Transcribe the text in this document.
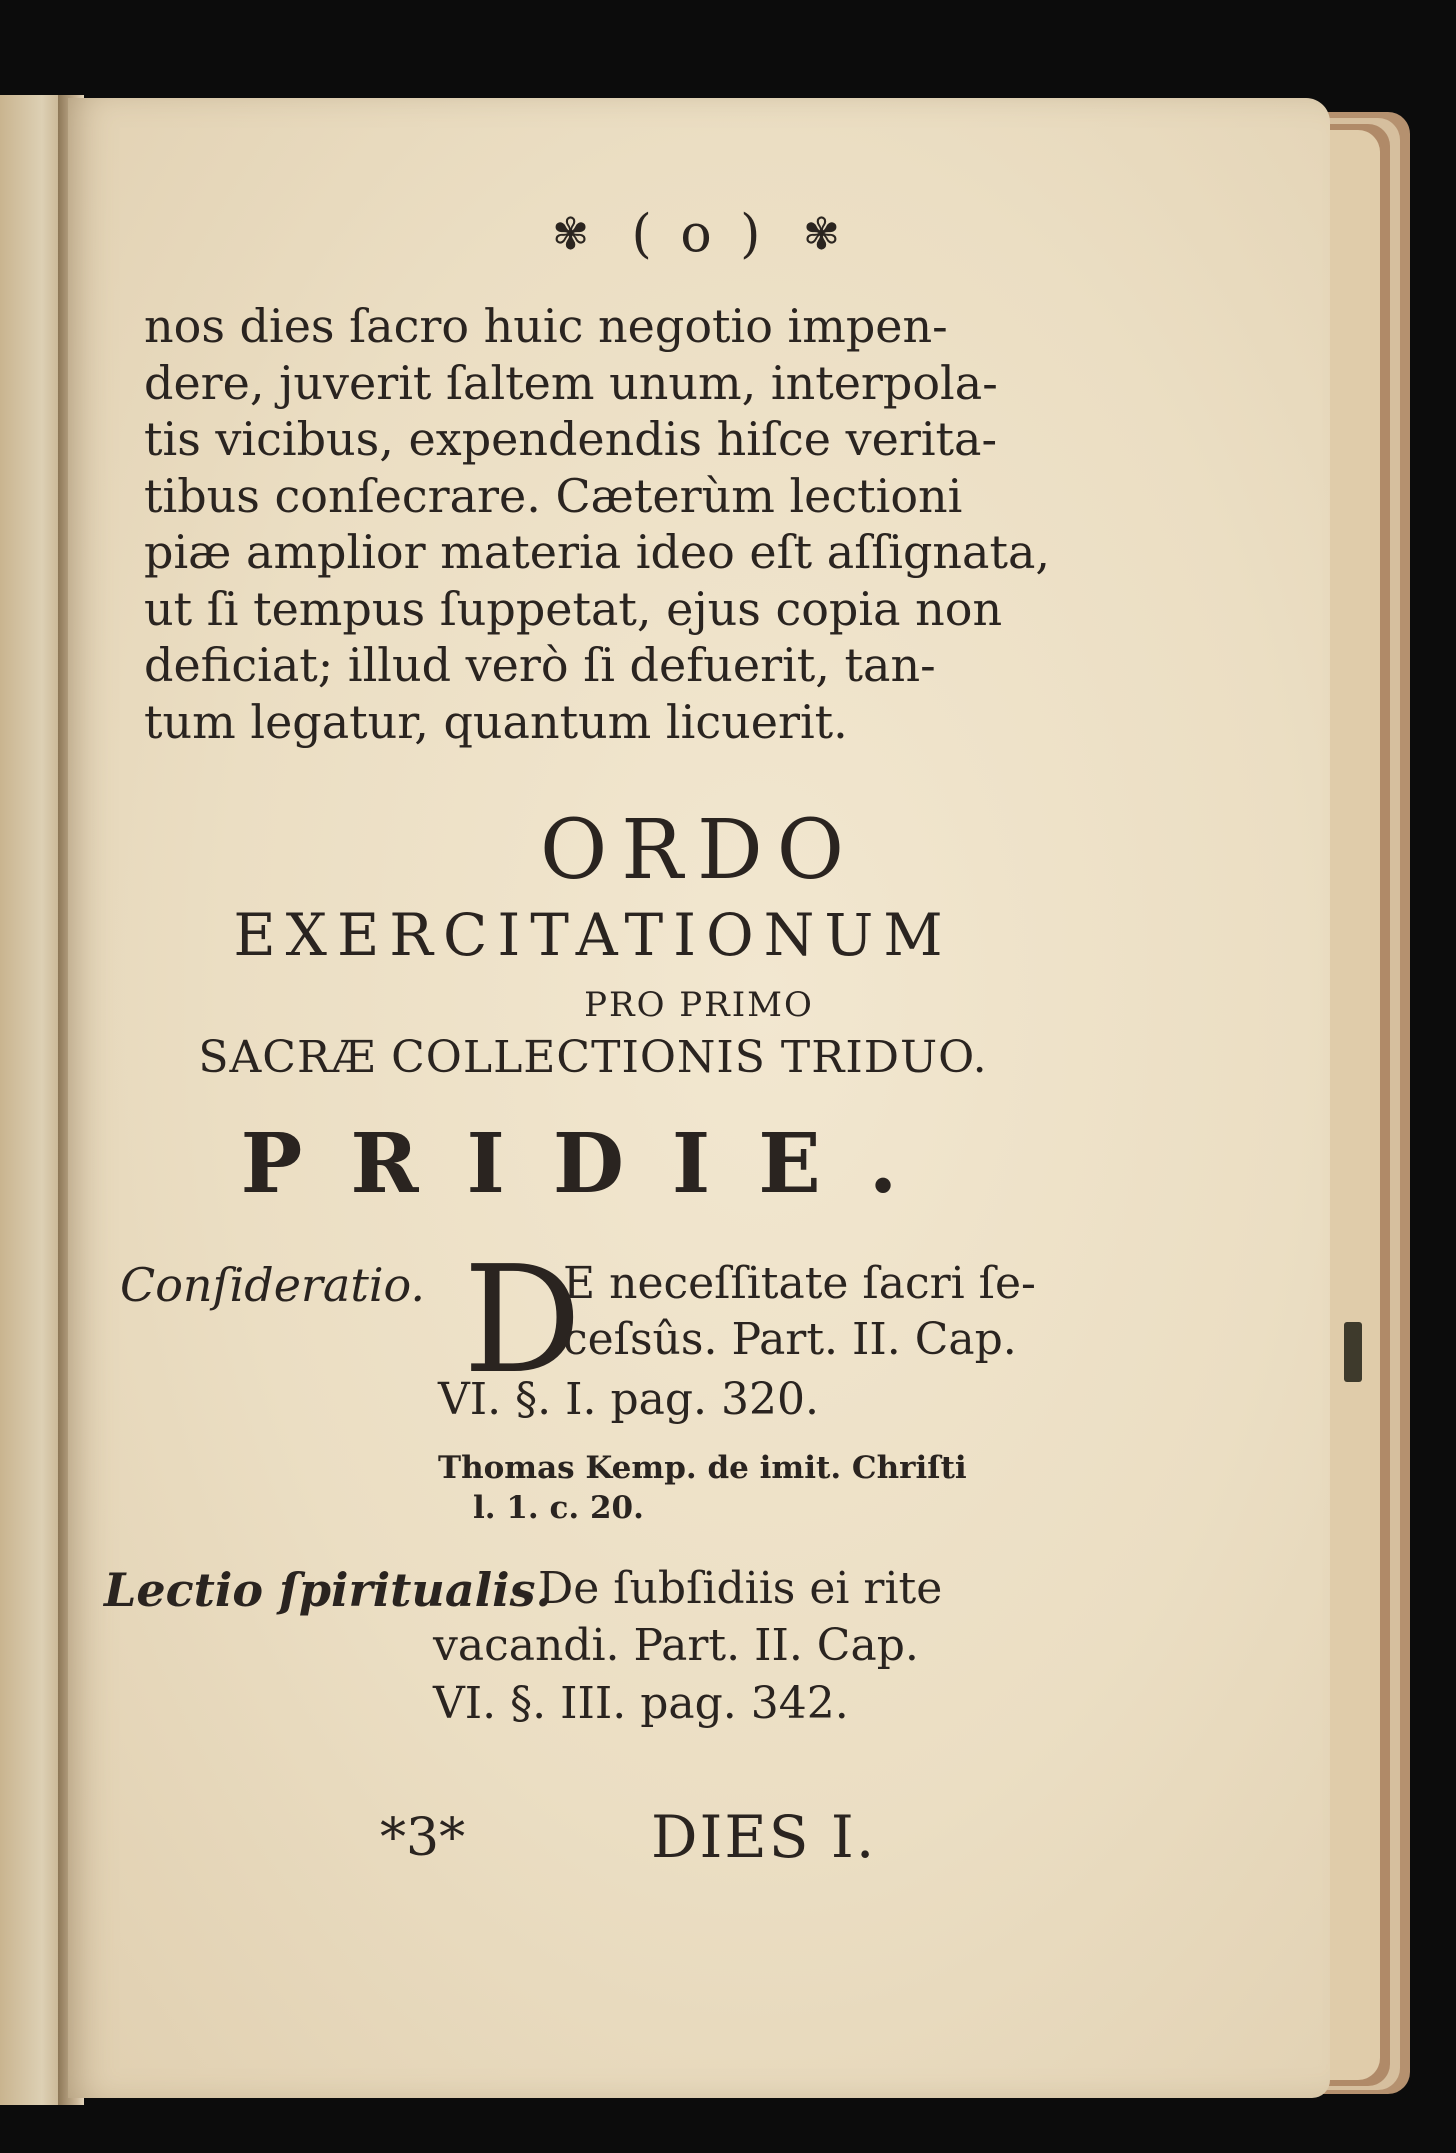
✾ ( o ) ✾

nos dies ſacro huic negotio impen-

dere, juverit ſaltem unum, interpola-

tis vicibus, expendendis hiſce verita-

tibus conſecrare. Cæterùm lectioni

piæ amplior materia ideo eſt aſſignata,

ut ſi tempus ſuppetat, ejus copia non

deficiat; illud verò ſi defuerit, tan-

tum legatur, quantum licuerit.

ORDO
EXERCITATIONUM
PRO PRIMO
SACRÆ COLLECTIONIS TRIDUO.
PRIDIE.
Conſideratio. D
E neceſſitate ſacri ſe-
ceſsûs. Part. II. Cap.
VI. §. I. pag. 320.
Thomas Kemp. de imit. Chriſti
l. 1. c. 20.
Lectio ſpiritualis.
De ſubſidiis ei rite
vacandi. Part. II. Cap.
VI. §. III. pag. 342.
*3*	DIES I.
